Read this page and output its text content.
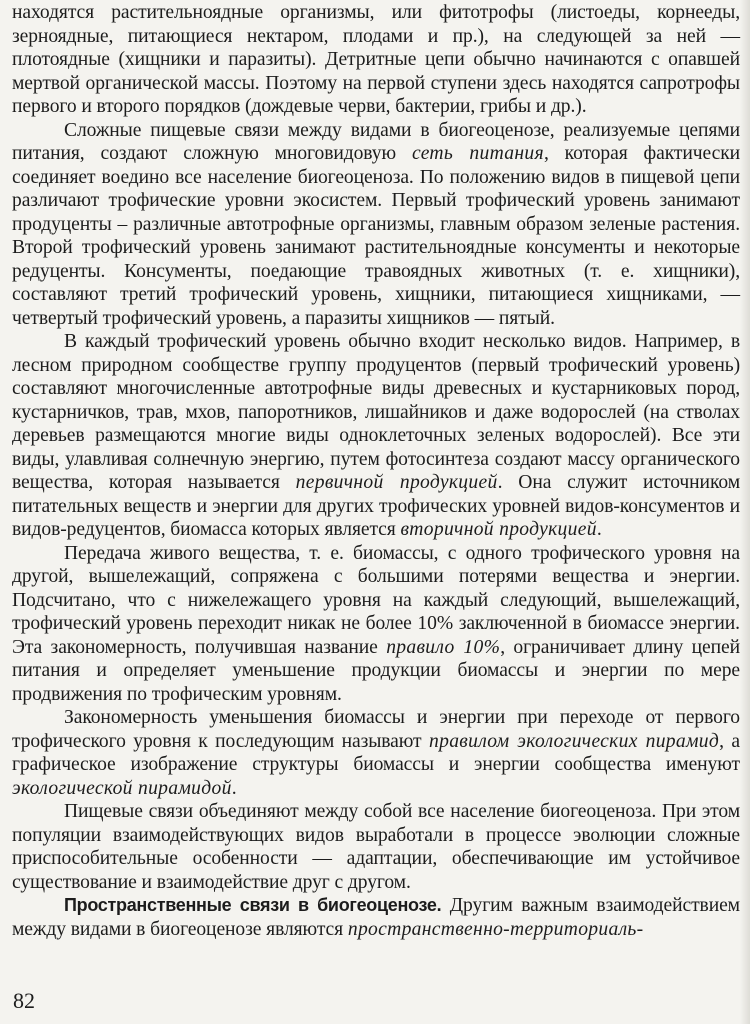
находятся растительноядные организмы, или фитотрофы (листоеды, корнееды, зерноядные, питающиеся нектаром, плодами и пр.), на следующей за ней — плотоядные (хищники и паразиты). Детритные цепи обычно начинаются с опавшей мертвой органической массы. Поэтому на первой ступени здесь находятся сапротрофы первого и второго порядков (дождевые черви, бактерии, грибы и др.).

Сложные пищевые связи между видами в биогеоценозе, реализуемые цепями питания, создают сложную многовидовую сеть питания, которая фактически соединяет воедино все население биогеоценоза. По положению видов в пищевой цепи различают трофические уровни экосистем. Первый трофический уровень занимают продуценты – различные автотрофные организмы, главным образом зеленые растения. Второй трофический уровень занимают растительноядные консументы и некоторые редуценты. Консументы, поедающие травоядных животных (т. е. хищники), составляют третий трофический уровень, хищники, питающиеся хищниками, — четвертый трофический уровень, а паразиты хищников — пятый.

В каждый трофический уровень обычно входит несколько видов. Например, в лесном природном сообществе группу продуцентов (первый трофический уровень) составляют многочисленные автотрофные виды древесных и кустарниковых пород, кустарничков, трав, мхов, папоротников, лишайников и даже водорослей (на стволах деревьев размещаются многие виды одноклеточных зеленых водорослей). Все эти виды, улавливая солнечную энергию, путем фотосинтеза создают массу органического вещества, которая называется первичной продукцией. Она служит источником питательных веществ и энергии для других трофических уровней видов-консументов и видов-редуцентов, биомасса которых является вторичной продукцией.

Передача живого вещества, т. е. биомассы, с одного трофического уровня на другой, вышележащий, сопряжена с большими потерями вещества и энергии. Подсчитано, что с нижележащего уровня на каждый следующий, вышележащий, трофический уровень переходит никак не более 10% заключенной в биомассе энергии. Эта закономерность, получившая название правило 10%, ограничивает длину цепей питания и определяет уменьшение продукции биомассы и энергии по мере продвижения по трофическим уровням.

Закономерность уменьшения биомассы и энергии при переходе от первого трофического уровня к последующим называют правилом экологических пирамид, а графическое изображение структуры биомассы и энергии сообщества именуют экологической пирамидой.

Пищевые связи объединяют между собой все население биогеоценоза. При этом популяции взаимодействующих видов выработали в процессе эволюции сложные приспособительные особенности — адаптации, обеспечивающие им устойчивое существование и взаимодействие друг с другом.

Пространственные связи в биогеоценозе. Другим важным взаимодействием между видами в биогеоценозе являются пространственно-территориаль-

82
